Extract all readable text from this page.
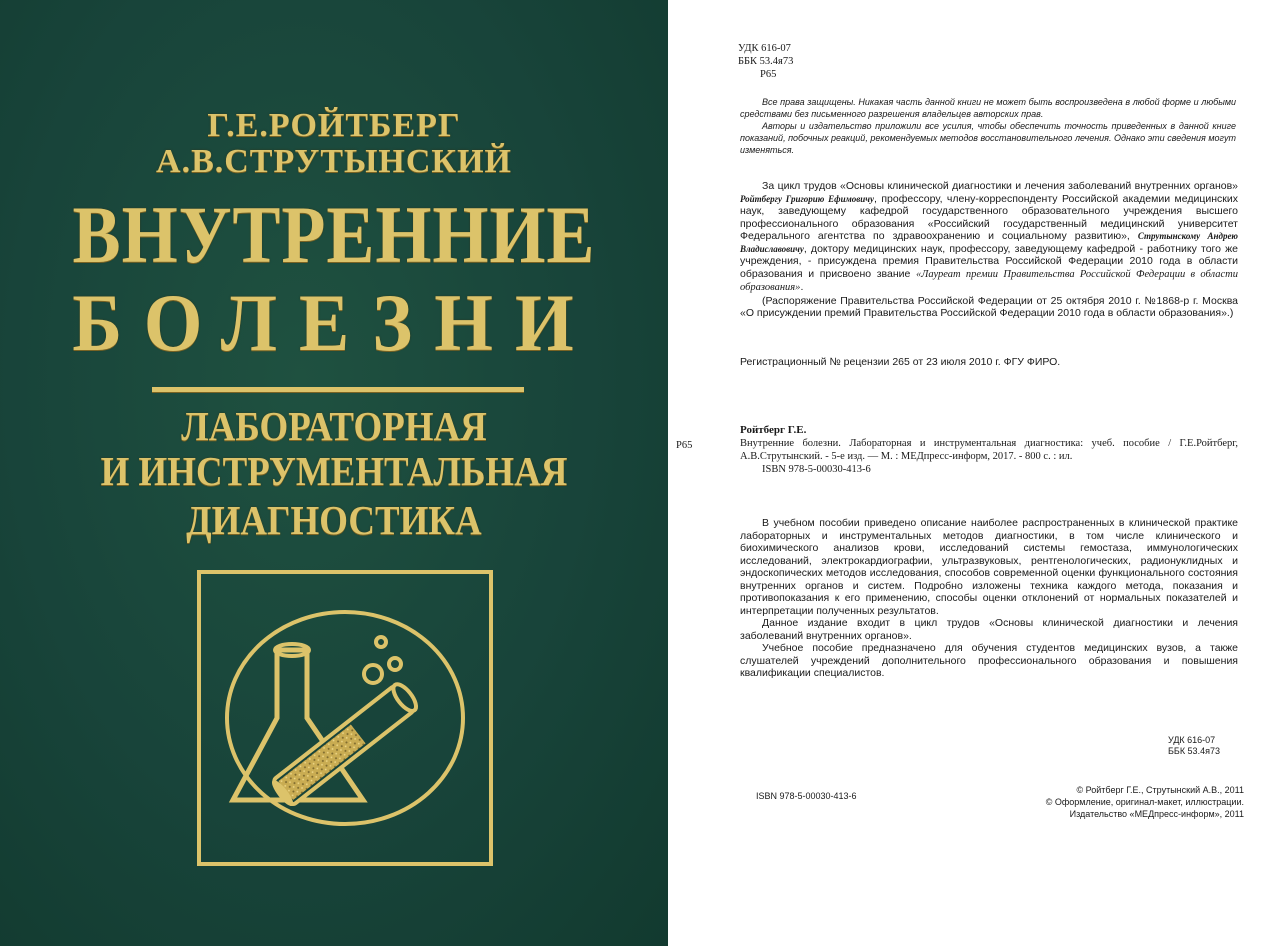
Г.Е.РОЙТБЕРГ

А.В.СТРУТЫНСКИЙ

ВНУТРЕННИЕ

БОЛЕЗНИ

ЛАБОРАТОРНАЯ

И ИНСТРУМЕНТАЛЬНАЯ

ДИАГНОСТИКА

УДК 616-07
ББК 53.4я73
Р65

Все права защищены. Никакая часть данной книги не может быть воспроизведена в любой форме и любыми средствами без письменного разрешения владельцев авторских прав.

Авторы и издательство приложили все усилия, чтобы обеспечить точность приведенных в данной книге показаний, побочных реакций, рекомендуемых методов восстановительного лечения. Однако эти сведения могут изменяться.

За цикл трудов «Основы клинической диагностики и лечения заболеваний внутренних органов» Ройтбергу Григорию Ефимовичу, профессору, члену-корреспонденту Российской академии медицинских наук, заведующему кафедрой государственного образовательного учреждения высшего профессионального образования «Российский государственный медицинский университет Федерального агентства по здравоохранению и социальному развитию», Струтынскому Андрею Владиславовичу, доктору медицинских наук, профессору, заведующему кафедрой - работнику того же учреждения, - присуждена премия Правительства Российской Федерации 2010 года в области образования и присвоено звание «Лауреат премии Правительства Российской Федерации в области образования».

(Распоряжение Правительства Российской Федерации от 25 октября 2010 г. №1868-р г. Москва «О присуждении премий Правительства Российской Федерации 2010 года в области образования».)

Регистрационный № рецензии 265 от 23 июля 2010 г. ФГУ ФИРО.

Ройтберг Г.Е.

Р65	Внутренние болезни. Лабораторная и инструментальная диагностика: учеб. пособие / Г.Е.Ройтберг, А.В.Струтынский. - 5-е изд. — М. : МЕДпресс-информ, 2017. - 800 с. : ил.
ISBN 978-5-00030-413-6

В учебном пособии приведено описание наиболее распространенных в клинической практике лабораторных и инструментальных методов диагностики, в том числе клинического и биохимического анализов крови, исследований системы гемостаза, иммунологических исследований, электрокардиографии, ультразвуковых, рентгенологических, радионуклидных и эндоскопических методов исследования, способов современной оценки функционального состояния внутренних органов и систем. Подробно изложены техника каждого метода, показания и противопоказания к его применению, способы оценки отклонений от нормальных показателей и интерпретации полученных результатов.

Данное издание входит в цикл трудов «Основы клинической диагностики и лечения заболеваний внутренних органов».

Учебное пособие предназначено для обучения студентов медицинских вузов, а также слушателей учреждений дополнительного профессионального образования и повышения квалификации специалистов.

УДК 616-07
ББК 53.4я73

ISBN 978-5-00030-413-6

© Ройтберг Г.Е., Струтынский А.В., 2011
© Оформление, оригинал-макет, иллюстрации.
Издательство «МЕДпресс-информ», 2011
